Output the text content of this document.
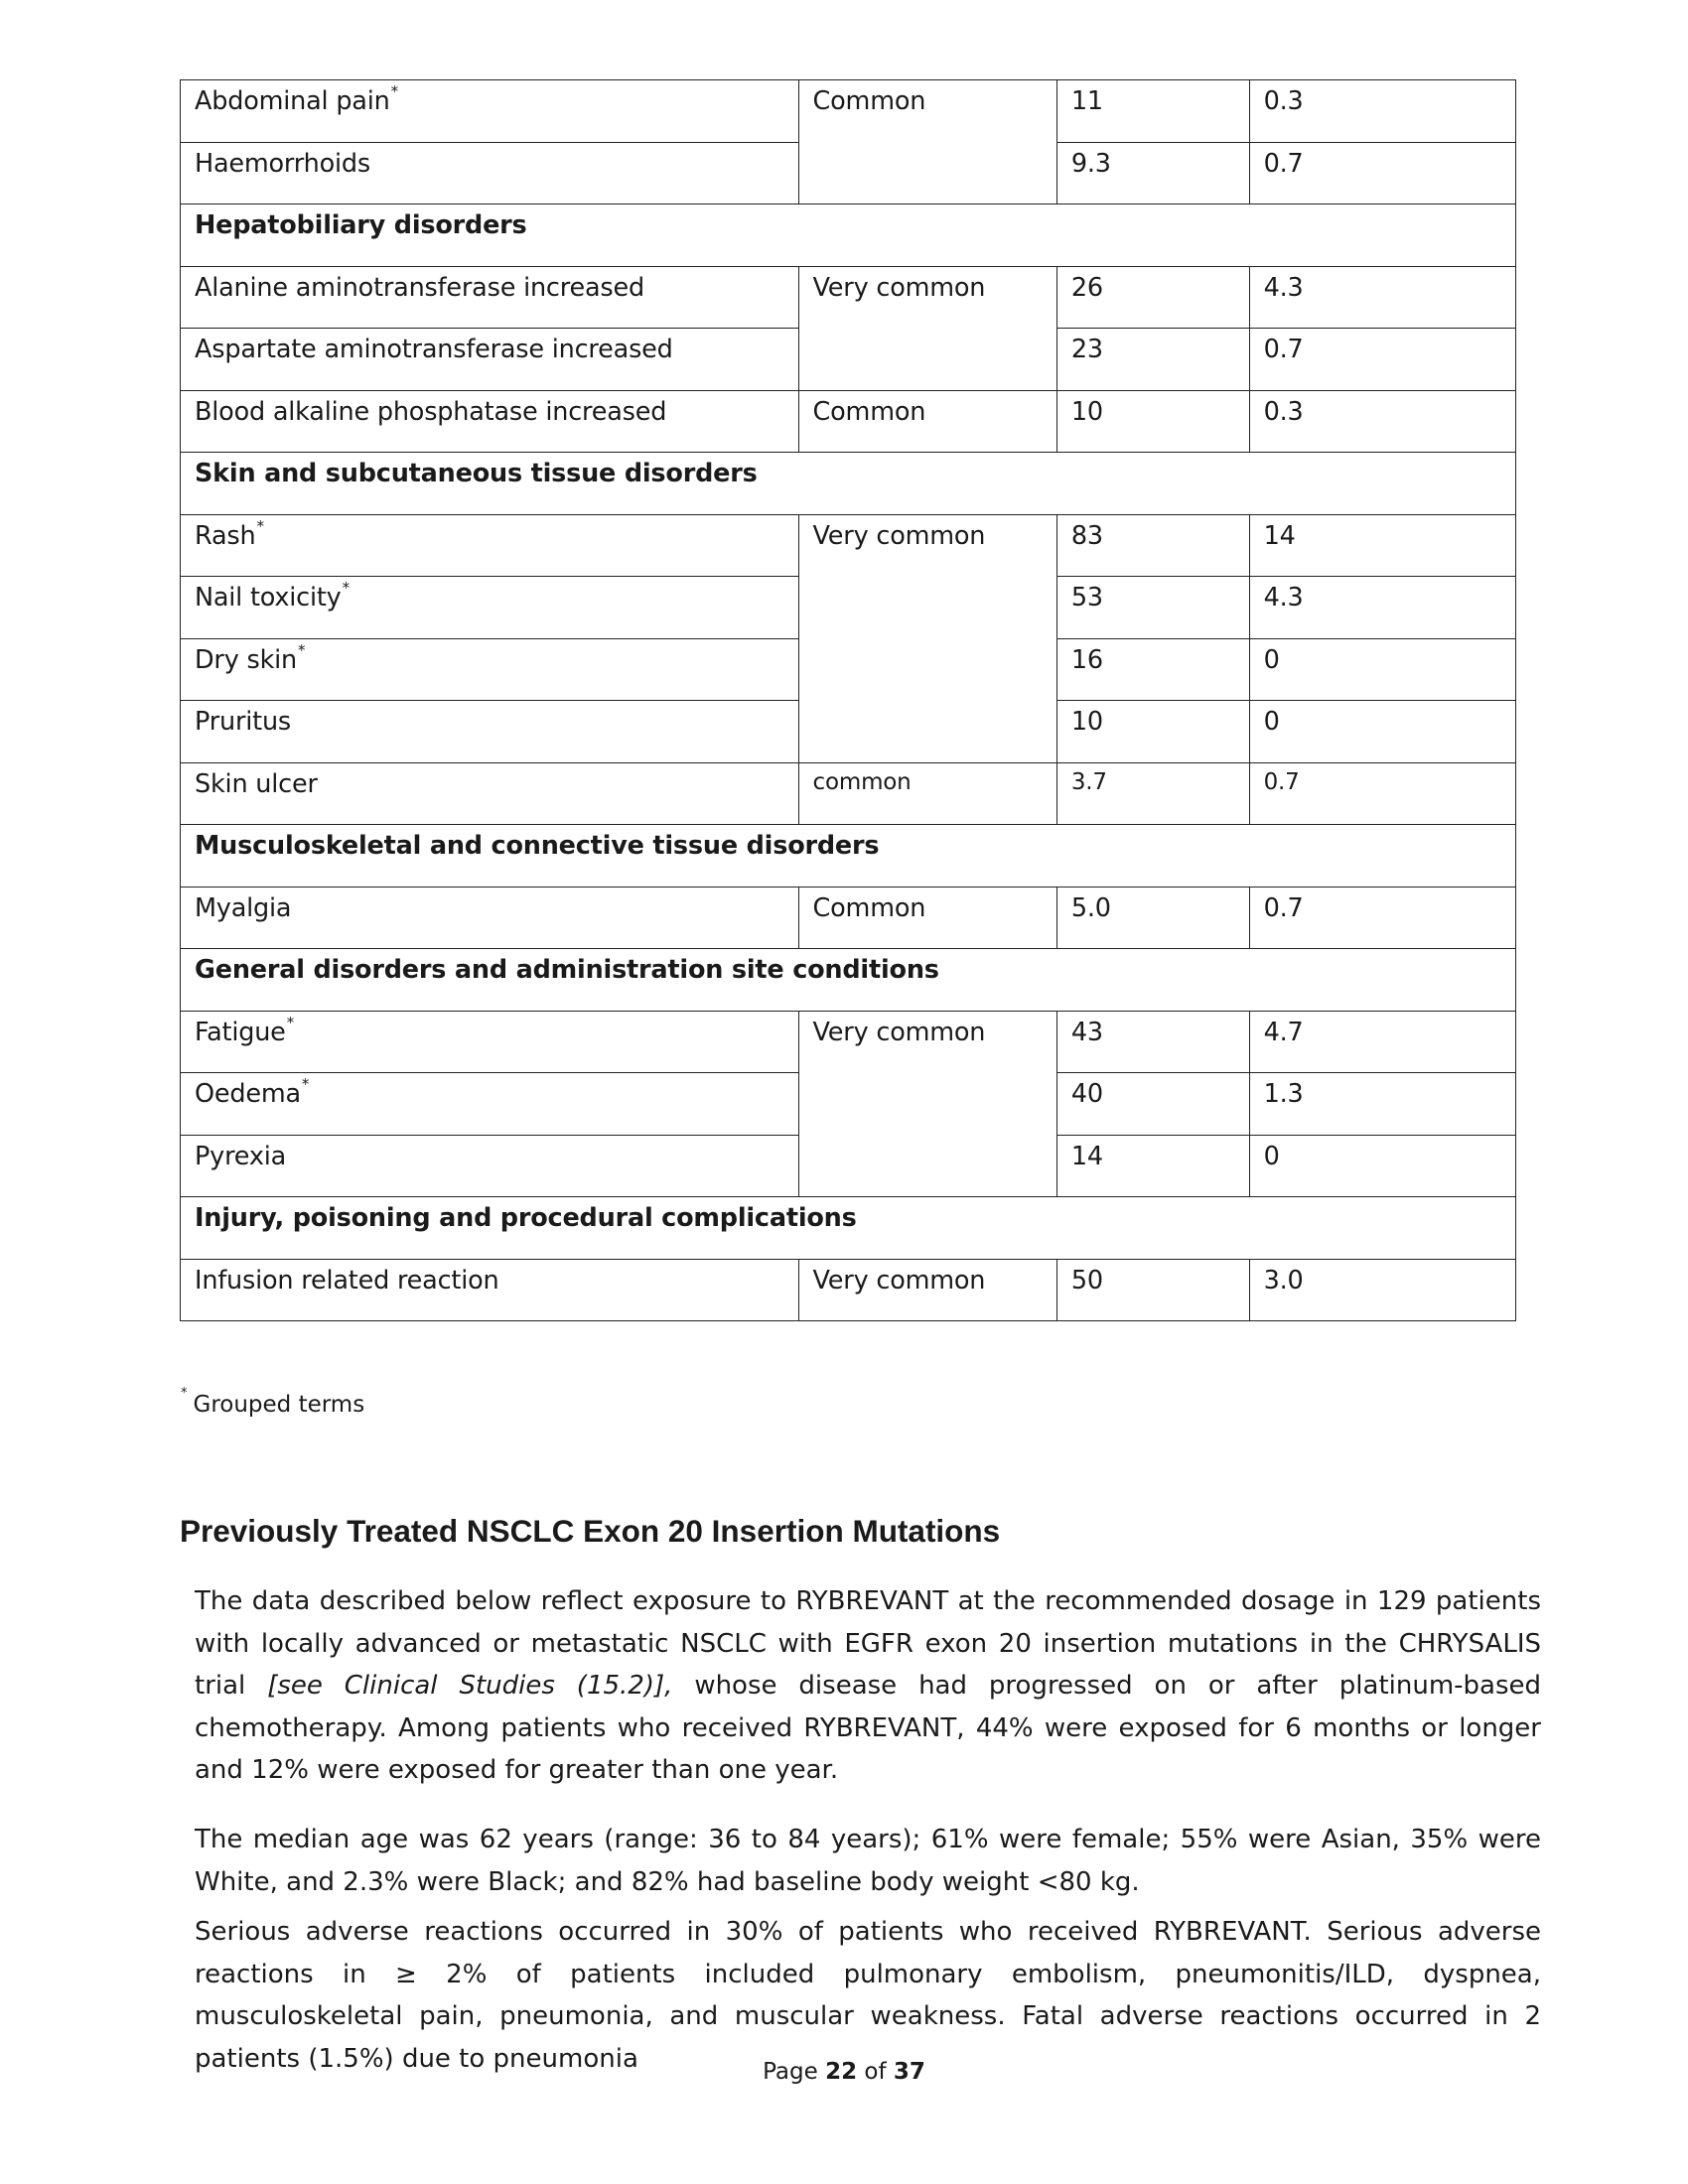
Abdominal pain*	Common	11	0.3
Haemorrhoids		9.3	0.7
Hepatobiliary disorders			
Alanine aminotransferase increased	Very common	26	4.3
Aspartate aminotransferase increased		23	0.7
Blood alkaline phosphatase increased	Common	10	0.3
Skin and subcutaneous tissue disorders			
Rash*	Very common	83	14
Nail toxicity*		53	4.3
Dry skin*		16	0
Pruritus		10	0
Skin ulcer	common	3.7	0.7
Musculoskeletal and connective tissue disorders			
Myalgia	Common	5.0	0.7
General disorders and administration site conditions			
Fatigue*	Very common	43	4.7
Oedema*		40	1.3
Pyrexia		14	0
Injury, poisoning and procedural complications			
Infusion related reaction	Very common	50	3.0
* Grouped terms
Previously Treated NSCLC Exon 20 Insertion Mutations

The data described below reflect exposure to RYBREVANT at the recommended dosage in 129 patients with locally advanced or metastatic NSCLC with EGFR exon 20 insertion mutations in the CHRYSALIS trial [see Clinical Studies (15.2)], whose disease had progressed on or after platinum-based chemotherapy. Among patients who received RYBREVANT, 44% were exposed for 6 months or longer and 12% were exposed for greater than one year.

The median age was 62 years (range: 36 to 84 years); 61% were female; 55% were Asian, 35% were White, and 2.3% were Black; and 82% had baseline body weight <80 kg.

Serious adverse reactions occurred in 30% of patients who received RYBREVANT. Serious adverse reactions in ≥ 2% of patients included pulmonary embolism, pneumonitis/ILD, dyspnea, musculoskeletal pain, pneumonia, and muscular weakness. Fatal adverse reactions occurred in 2 patients (1.5%) due to pneumonia	Page 22 of 37
